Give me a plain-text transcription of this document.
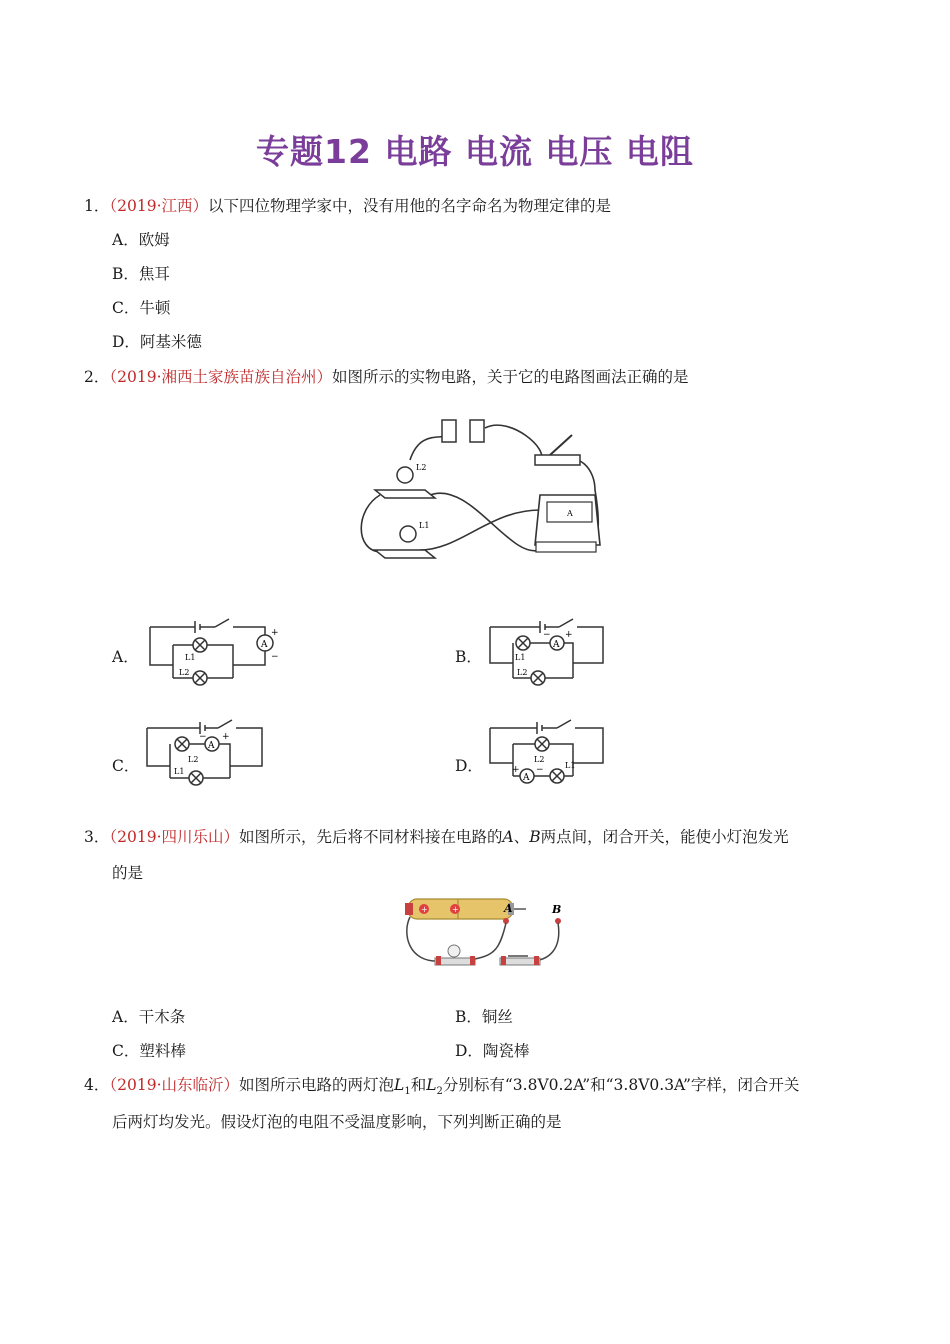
专题12 电路 电流 电压 电阻
1．（2019·江西）以下四位物理学家中，没有用他的名字命名为物理定律的是
A．欧姆
B．焦耳
C．牛顿
D．阿基米德
2．（2019·湘西土家族苗族自治州）如图所示的实物电路，关于它的电路图画法正确的是
L2
L1
A
A．
A
+
−
L1
L2
B．
A
− +
L1
L2
C．
A
− +
L2
L1	D．
A
+ −
L2
L1
3．（2019·四川乐山）如图所示，先后将不同材料接在电路的A、B两点间，闭合开关，能使小灯泡发光
的是
+	+	A	B
A．干木条	B．铜丝
C．塑料棒	D．陶瓷棒
4．（2019·山东临沂）如图所示电路的两灯泡$L_1$和$L_2$分别标有“3.8V0.2A”和“3.8V0.3A”字样，闭合开关
后两灯均发光。假设灯泡的电阻不受温度影响，下列判断正确的是
